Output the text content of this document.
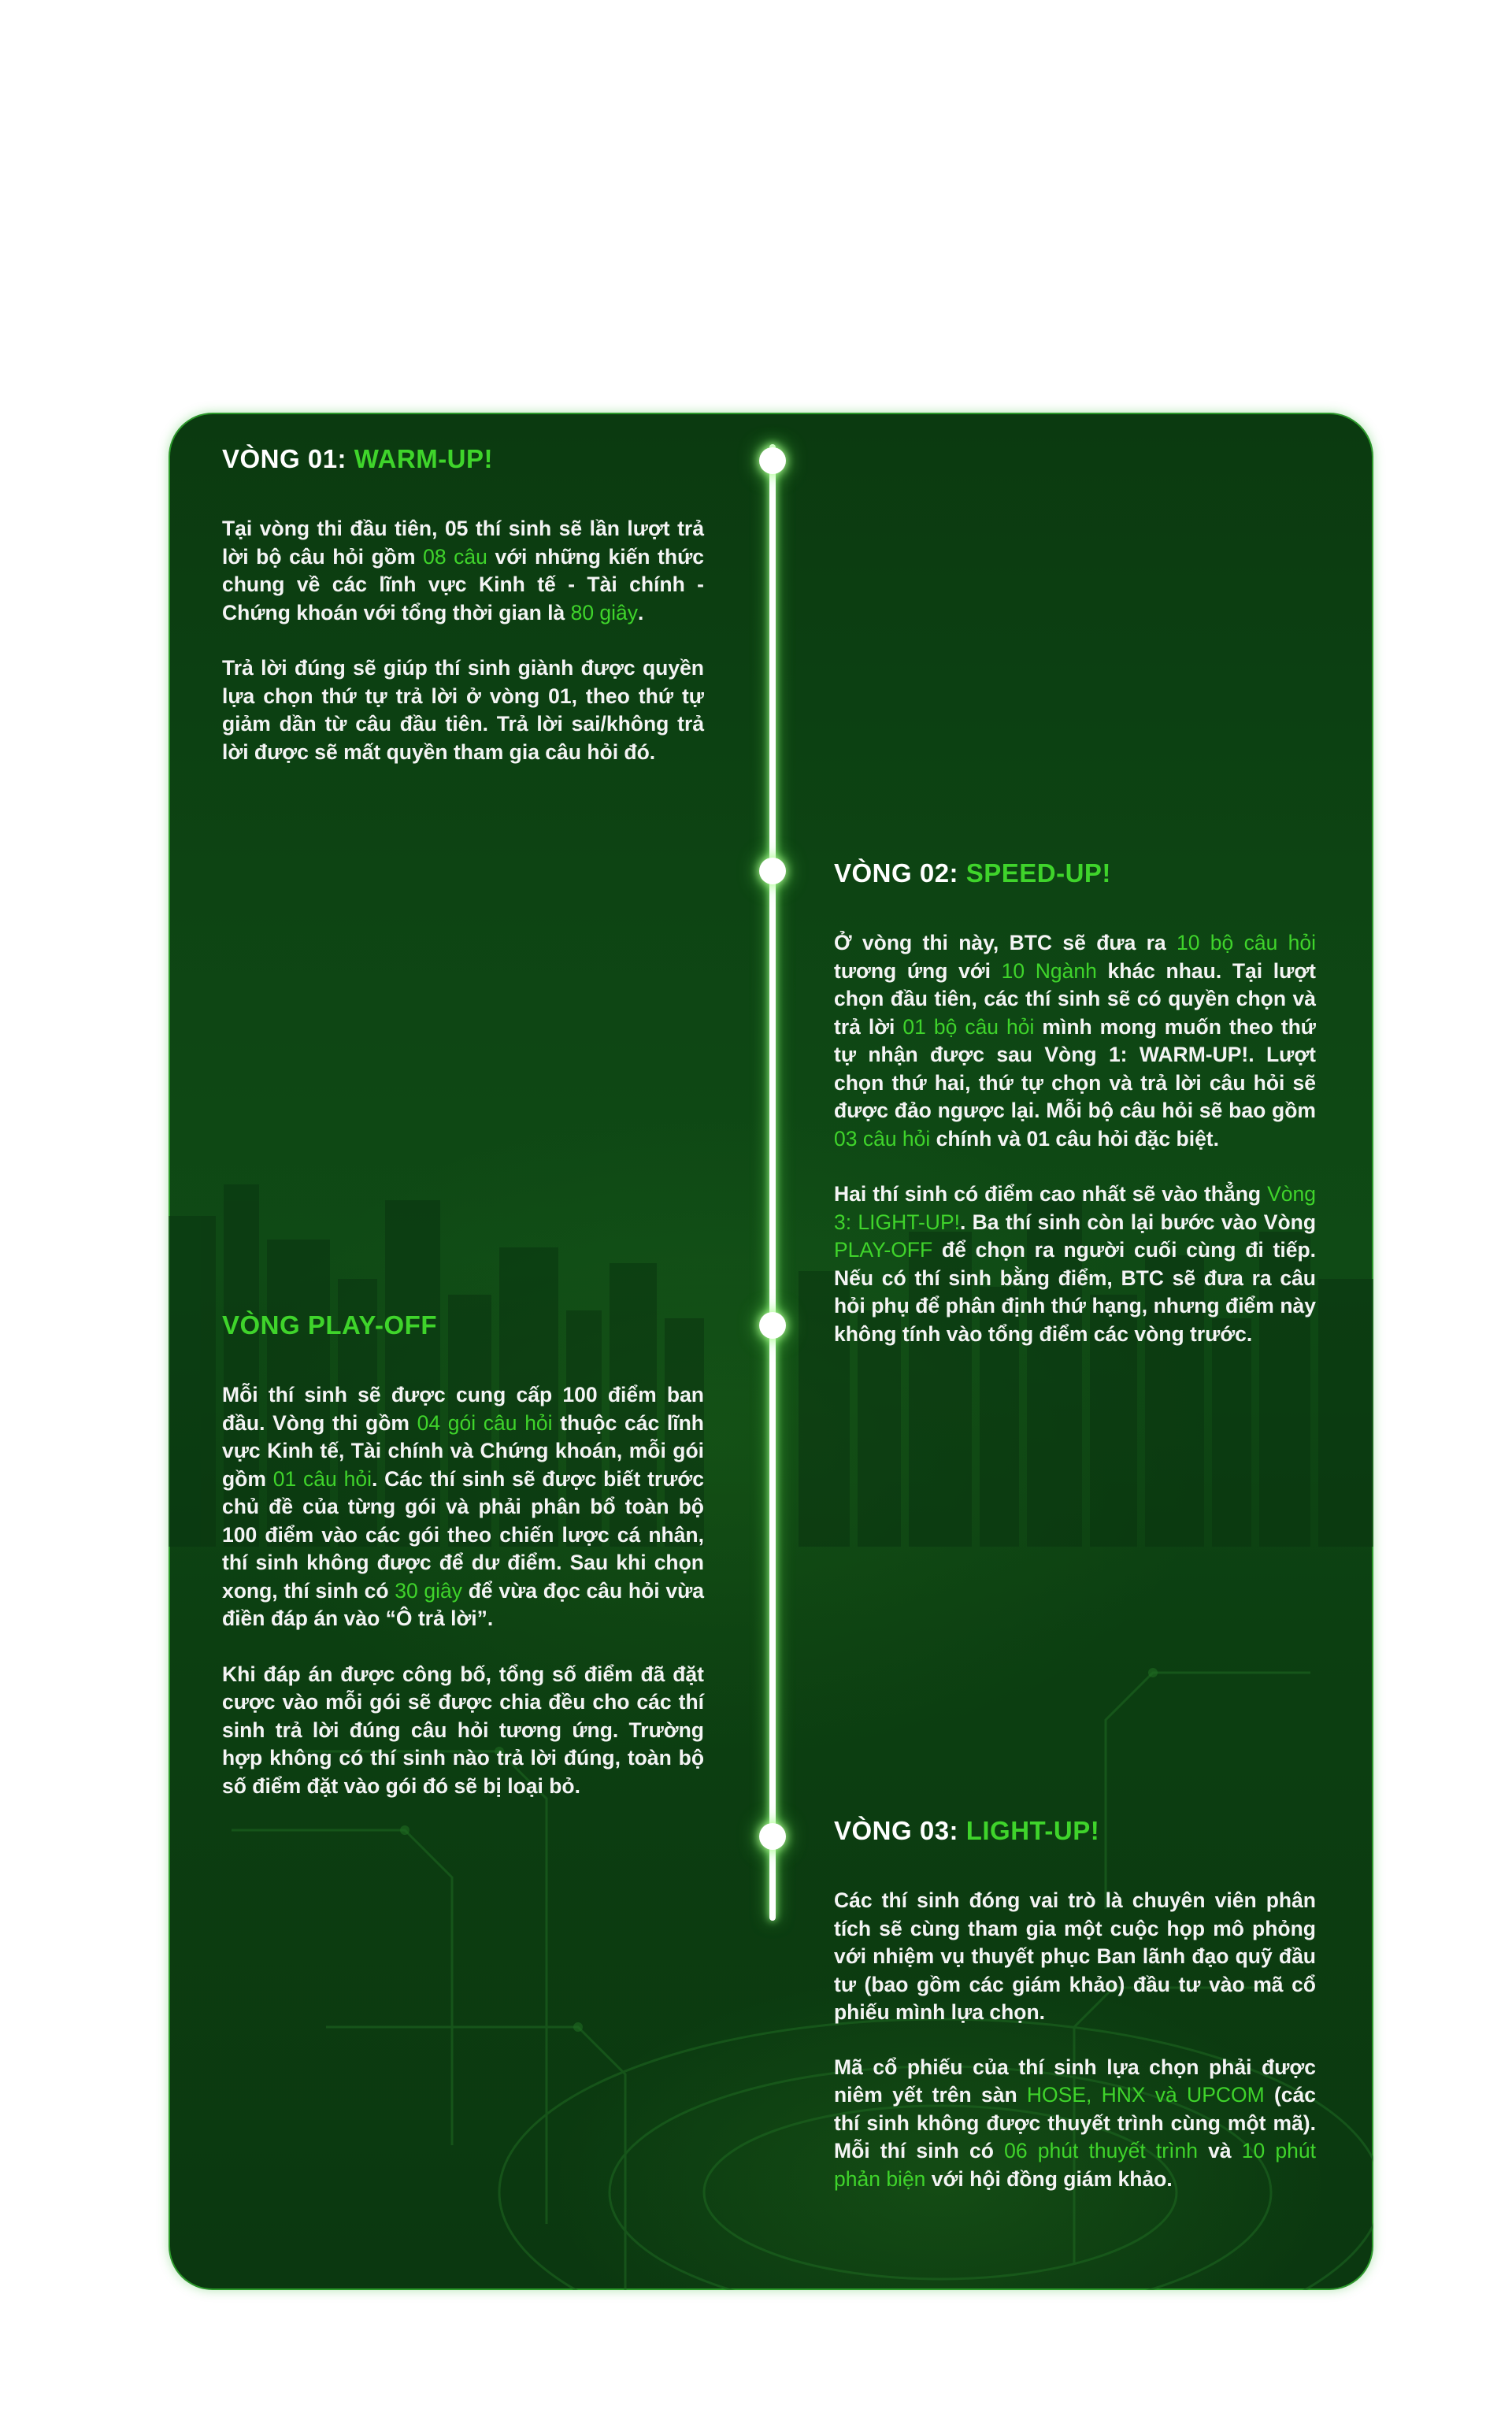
VÒNG 01: WARM-UP!

Tại vòng thi đầu tiên, 05 thí sinh sẽ lần lượt trả lời bộ câu hỏi gồm 08 câu với những kiến thức chung về các lĩnh vực Kinh tế - Tài chính - Chứng khoán với tổng thời gian là 80 giây.

Trả lời đúng sẽ giúp thí sinh giành được quyền lựa chọn thứ tự trả lời ở vòng 01, theo thứ tự giảm dần từ câu đầu tiên. Trả lời sai/không trả lời được sẽ mất quyền tham gia câu hỏi đó.

VÒNG 02: SPEED-UP!

Ở vòng thi này, BTC sẽ đưa ra 10 bộ câu hỏi tương ứng với 10 Ngành khác nhau. Tại lượt chọn đầu tiên, các thí sinh sẽ có quyền chọn và trả lời 01 bộ câu hỏi mình mong muốn theo thứ tự nhận được sau Vòng 1: WARM-UP!. Lượt chọn thứ hai, thứ tự chọn và trả lời câu hỏi sẽ được đảo ngược lại. Mỗi bộ câu hỏi sẽ bao gồm 03 câu hỏi chính và 01 câu hỏi đặc biệt.

Hai thí sinh có điểm cao nhất sẽ vào thẳng Vòng 3: LIGHT-UP!. Ba thí sinh còn lại bước vào Vòng PLAY-OFF để chọn ra người cuối cùng đi tiếp. Nếu có thí sinh bằng điểm, BTC sẽ đưa ra câu hỏi phụ để phân định thứ hạng, nhưng điểm này không tính vào tổng điểm các vòng trước.

VÒNG PLAY-OFF

Mỗi thí sinh sẽ được cung cấp 100 điểm ban đầu. Vòng thi gồm 04 gói câu hỏi thuộc các lĩnh vực Kinh tế, Tài chính và Chứng khoán, mỗi gói gồm 01 câu hỏi. Các thí sinh sẽ được biết trước chủ đề của từng gói và phải phân bổ toàn bộ 100 điểm vào các gói theo chiến lược cá nhân, thí sinh không được để dư điểm. Sau khi chọn xong, thí sinh có 30 giây để vừa đọc câu hỏi vừa điền đáp án vào “Ô trả lời”.

Khi đáp án được công bố, tổng số điểm đã đặt cược vào mỗi gói sẽ được chia đều cho các thí sinh trả lời đúng câu hỏi tương ứng. Trường hợp không có thí sinh nào trả lời đúng, toàn bộ số điểm đặt vào gói đó sẽ bị loại bỏ.

VÒNG 03: LIGHT-UP!

Các thí sinh đóng vai trò là chuyên viên phân tích sẽ cùng tham gia một cuộc họp mô phỏng với nhiệm vụ thuyết phục Ban lãnh đạo quỹ đầu tư (bao gồm các giám khảo) đầu tư vào mã cổ phiếu mình lựa chọn.

Mã cổ phiếu của thí sinh lựa chọn phải được niêm yết trên sàn HOSE, HNX và UPCOM (các thí sinh không được thuyết trình cùng một mã). Mỗi thí sinh có 06 phút thuyết trình và 10 phút phản biện với hội đồng giám khảo.
